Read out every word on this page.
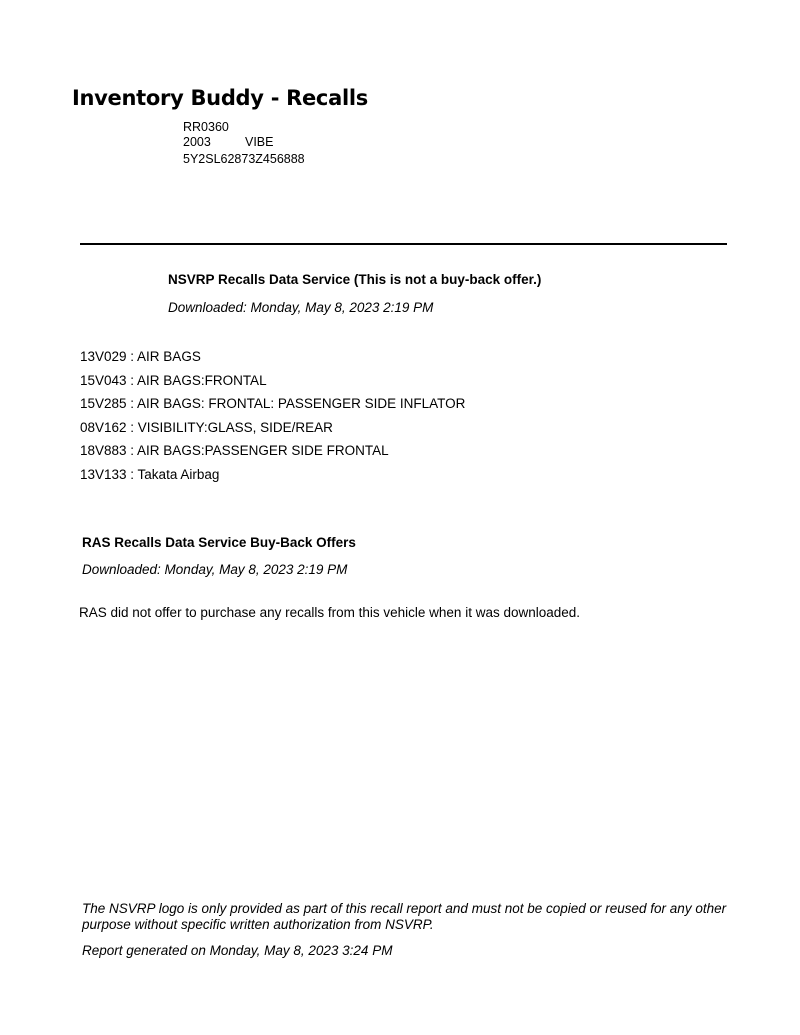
Inventory Buddy - Recalls
RR0360
2003	VIBE
5Y2SL62873Z456888
NSVRP Recalls Data Service (This is not a buy-back offer.)
Downloaded: Monday, May 8, 2023 2:19 PM
13V029 : AIR BAGS
15V043 : AIR BAGS:FRONTAL
15V285 : AIR BAGS: FRONTAL: PASSENGER SIDE INFLATOR
08V162 : VISIBILITY:GLASS, SIDE/REAR
18V883 : AIR BAGS:PASSENGER SIDE FRONTAL
13V133 : Takata Airbag
RAS Recalls Data Service Buy-Back Offers
Downloaded: Monday, May 8, 2023 2:19 PM
RAS did not offer to purchase any recalls from this vehicle when it was downloaded.
The NSVRP logo is only provided as part of this recall report and must not be copied or reused for any other purpose without specific written authorization from NSVRP.
Report generated on Monday, May 8, 2023 3:24 PM
